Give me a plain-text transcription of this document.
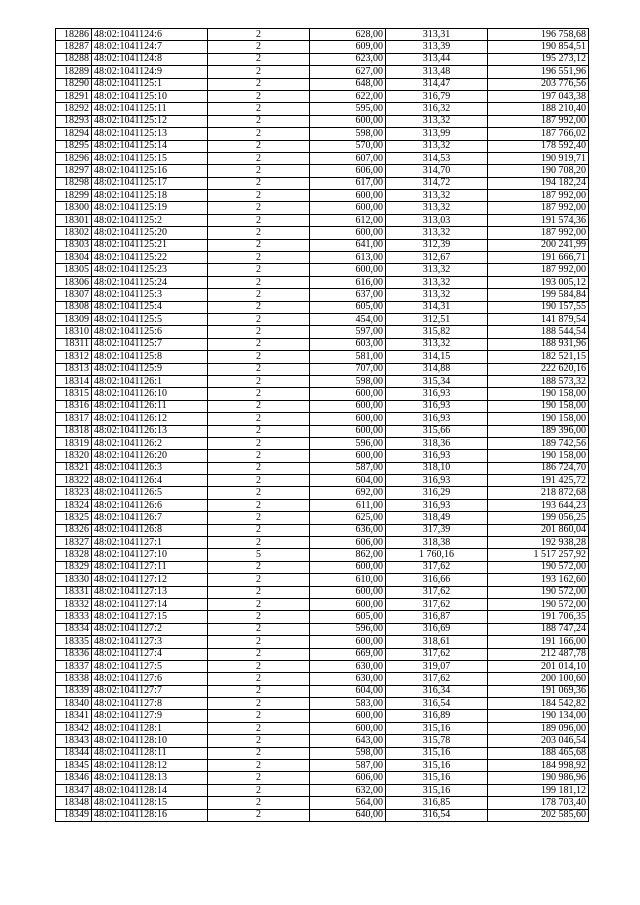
18286	48:02:1041124:6	2	628,00	313,31	196 758,68
18287	48:02:1041124:7	2	609,00	313,39	190 854,51
18288	48:02:1041124:8	2	623,00	313,44	195 273,12
18289	48:02:1041124:9	2	627,00	313,48	196 551,96
18290	48:02:1041125:1	2	648,00	314,47	203 776,56
18291	48:02:1041125:10	2	622,00	316,79	197 043,38
18292	48:02:1041125:11	2	595,00	316,32	188 210,40
18293	48:02:1041125:12	2	600,00	313,32	187 992,00
18294	48:02:1041125:13	2	598,00	313,99	187 766,02
18295	48:02:1041125:14	2	570,00	313,32	178 592,40
18296	48:02:1041125:15	2	607,00	314,53	190 919,71
18297	48:02:1041125:16	2	606,00	314,70	190 708,20
18298	48:02:1041125:17	2	617,00	314,72	194 182,24
18299	48:02:1041125:18	2	600,00	313,32	187 992,00
18300	48:02:1041125:19	2	600,00	313,32	187 992,00
18301	48:02:1041125:2	2	612,00	313,03	191 574,36
18302	48:02:1041125:20	2	600,00	313,32	187 992,00
18303	48:02:1041125:21	2	641,00	312,39	200 241,99
18304	48:02:1041125:22	2	613,00	312,67	191 666,71
18305	48:02:1041125:23	2	600,00	313,32	187 992,00
18306	48:02:1041125:24	2	616,00	313,32	193 005,12
18307	48:02:1041125:3	2	637,00	313,32	199 584,84
18308	48:02:1041125:4	2	605,00	314,31	190 157,55
18309	48:02:1041125:5	2	454,00	312,51	141 879,54
18310	48:02:1041125:6	2	597,00	315,82	188 544,54
18311	48:02:1041125:7	2	603,00	313,32	188 931,96
18312	48:02:1041125:8	2	581,00	314,15	182 521,15
18313	48:02:1041125:9	2	707,00	314,88	222 620,16
18314	48:02:1041126:1	2	598,00	315,34	188 573,32
18315	48:02:1041126:10	2	600,00	316,93	190 158,00
18316	48:02:1041126:11	2	600,00	316,93	190 158,00
18317	48:02:1041126:12	2	600,00	316,93	190 158,00
18318	48:02:1041126:13	2	600,00	315,66	189 396,00
18319	48:02:1041126:2	2	596,00	318,36	189 742,56
18320	48:02:1041126:20	2	600,00	316,93	190 158,00
18321	48:02:1041126:3	2	587,00	318,10	186 724,70
18322	48:02:1041126:4	2	604,00	316,93	191 425,72
18323	48:02:1041126:5	2	692,00	316,29	218 872,68
18324	48:02:1041126:6	2	611,00	316,93	193 644,23
18325	48:02:1041126:7	2	625,00	318,49	199 056,25
18326	48:02:1041126:8	2	636,00	317,39	201 860,04
18327	48:02:1041127:1	2	606,00	318,38	192 938,28
18328	48:02:1041127:10	5	862,00	1 760,16	1 517 257,92
18329	48:02:1041127:11	2	600,00	317,62	190 572,00
18330	48:02:1041127:12	2	610,00	316,66	193 162,60
18331	48:02:1041127:13	2	600,00	317,62	190 572,00
18332	48:02:1041127:14	2	600,00	317,62	190 572,00
18333	48:02:1041127:15	2	605,00	316,87	191 706,35
18334	48:02:1041127:2	2	596,00	316,69	188 747,24
18335	48:02:1041127:3	2	600,00	318,61	191 166,00
18336	48:02:1041127:4	2	669,00	317,62	212 487,78
18337	48:02:1041127:5	2	630,00	319,07	201 014,10
18338	48:02:1041127:6	2	630,00	317,62	200 100,60
18339	48:02:1041127:7	2	604,00	316,34	191 069,36
18340	48:02:1041127:8	2	583,00	316,54	184 542,82
18341	48:02:1041127:9	2	600,00	316,89	190 134,00
18342	48:02:1041128:1	2	600,00	315,16	189 096,00
18343	48:02:1041128:10	2	643,00	315,78	203 046,54
18344	48:02:1041128:11	2	598,00	315,16	188 465,68
18345	48:02:1041128:12	2	587,00	315,16	184 998,92
18346	48:02:1041128:13	2	606,00	315,16	190 986,96
18347	48:02:1041128:14	2	632,00	315,16	199 181,12
18348	48:02:1041128:15	2	564,00	316,85	178 703,40
18349	48:02:1041128:16	2	640,00	316,54	202 585,60
